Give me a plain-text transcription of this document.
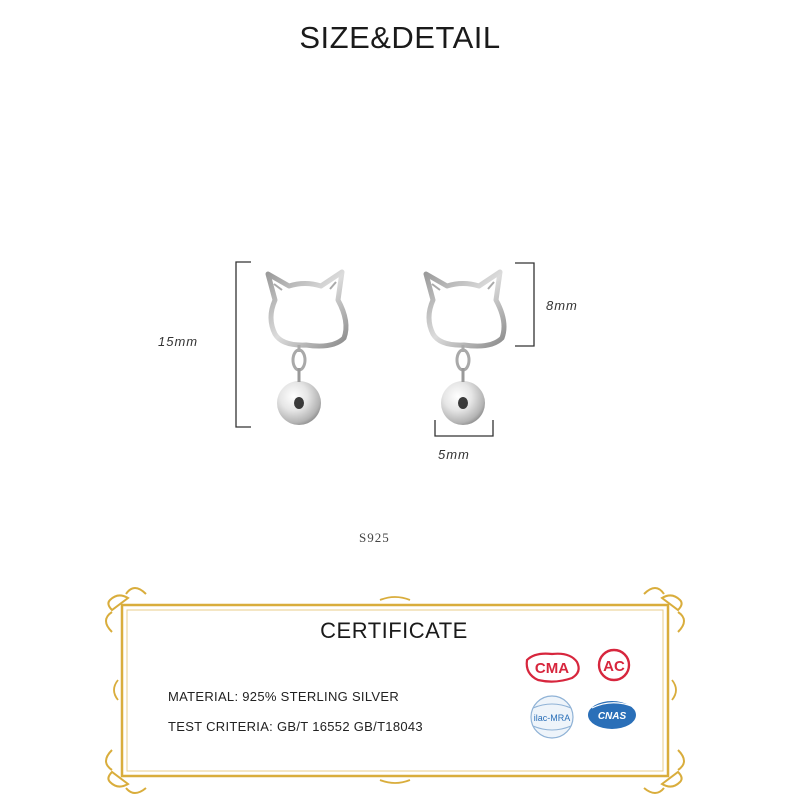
SIZE&DETAIL
CMA AC
ilac-MRA	CNAS
15mm
8mm
5mm
S925
CERTIFICATE
MATERIAL: 925% STERLING SILVER
TEST CRITERIA: GB/T 16552 GB/T18043
